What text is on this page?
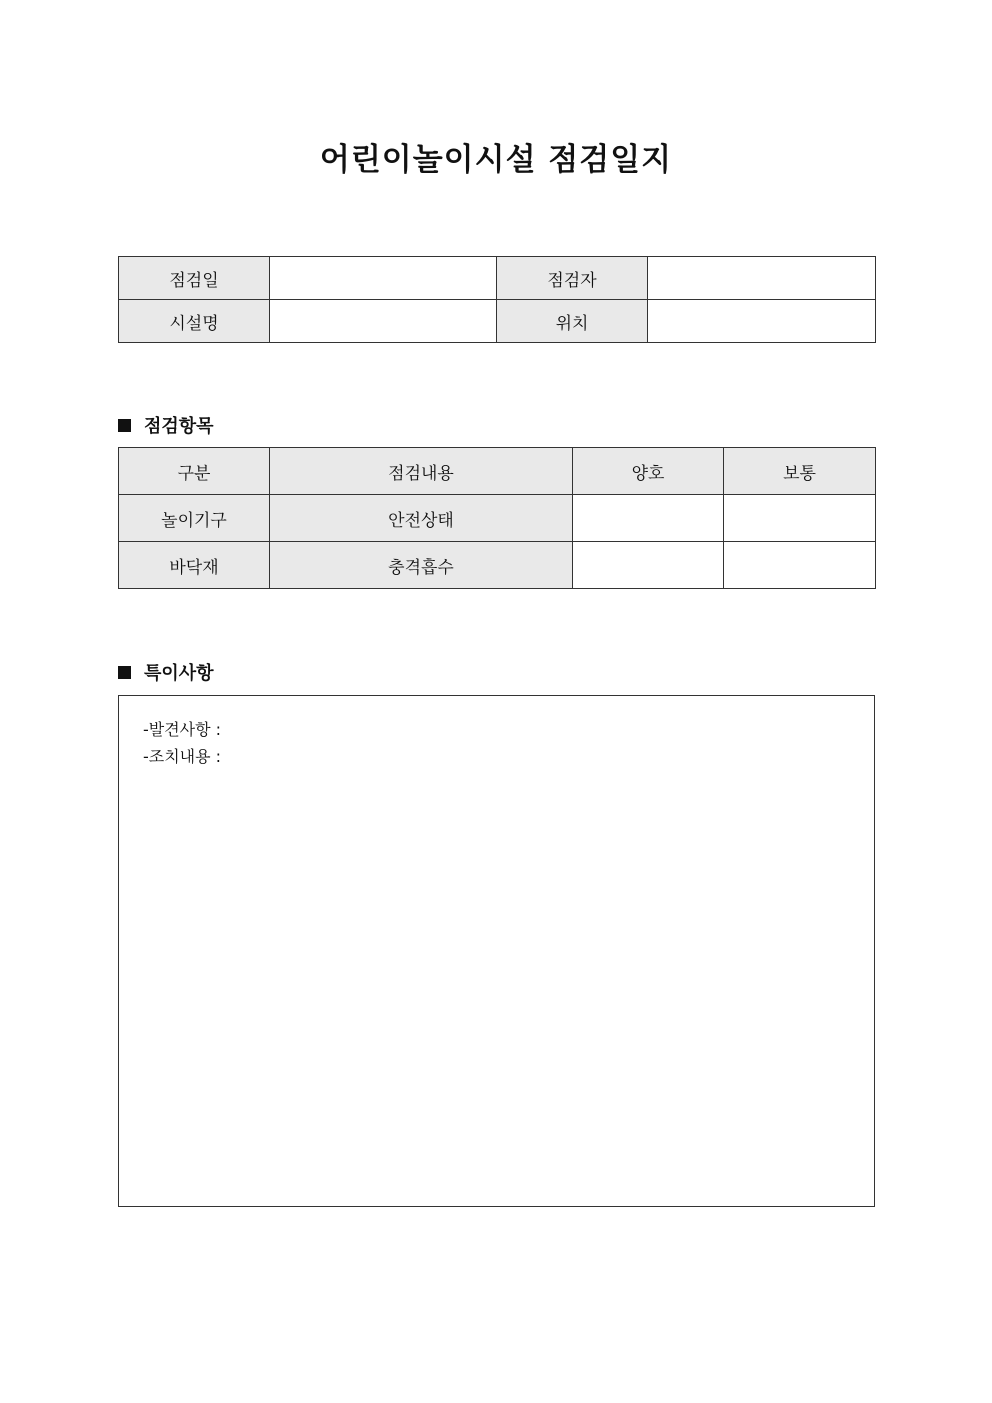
어린이놀이시설 점검일지
점검일		점검자	
시설명		위치	
점검항목
구분	점검내용	양호	보통
놀이기구	안전상태		
바닥재	충격흡수		
특이사항
-발견사항 :
-조치내용 :
